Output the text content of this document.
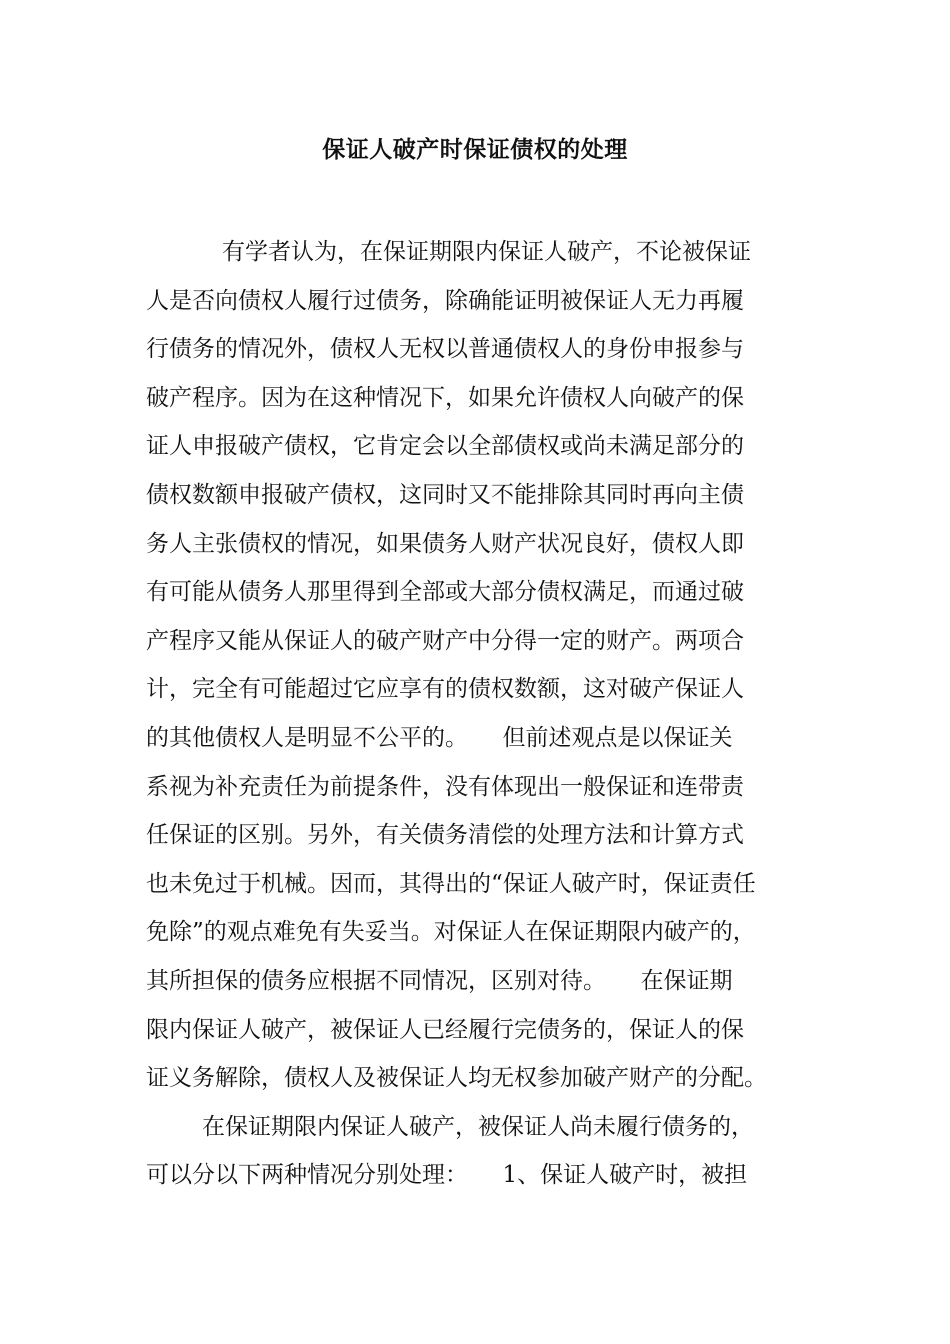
保证人破产时保证债权的处理
有学者认为，在保证期限内保证人破产，不论被保证
人是否向债权人履行过债务，除确能证明被保证人无力再履
行债务的情况外，债权人无权以普通债权人的身份申报参与
破产程序。因为在这种情况下，如果允许债权人向破产的保
证人申报破产债权，它肯定会以全部债权或尚未满足部分的
债权数额申报破产债权，这同时又不能排除其同时再向主债
务人主张债权的情况，如果债务人财产状况良好，债权人即
有可能从债务人那里得到全部或大部分债权满足，而通过破
产程序又能从保证人的破产财产中分得一定的财产。两项合
计，完全有可能超过它应享有的债权数额，这对破产保证人
的其他债权人是明显不公平的。　　但前述观点是以保证关
系视为补充责任为前提条件，没有体现出一般保证和连带责
任保证的区别。另外，有关债务清偿的处理方法和计算方式
也未免过于机械。因而，其得出的“保证人破产时，保证责任
免除”的观点难免有失妥当。对保证人在保证期限内破产的，
其所担保的债务应根据不同情况，区别对待。　　在保证期
限内保证人破产，被保证人已经履行完债务的，保证人的保
证义务解除，债权人及被保证人均无权参加破产财产的分配。
在保证期限内保证人破产，被保证人尚未履行债务的，
可以分以下两种情况分别处理：　　1、保证人破产时，被担
